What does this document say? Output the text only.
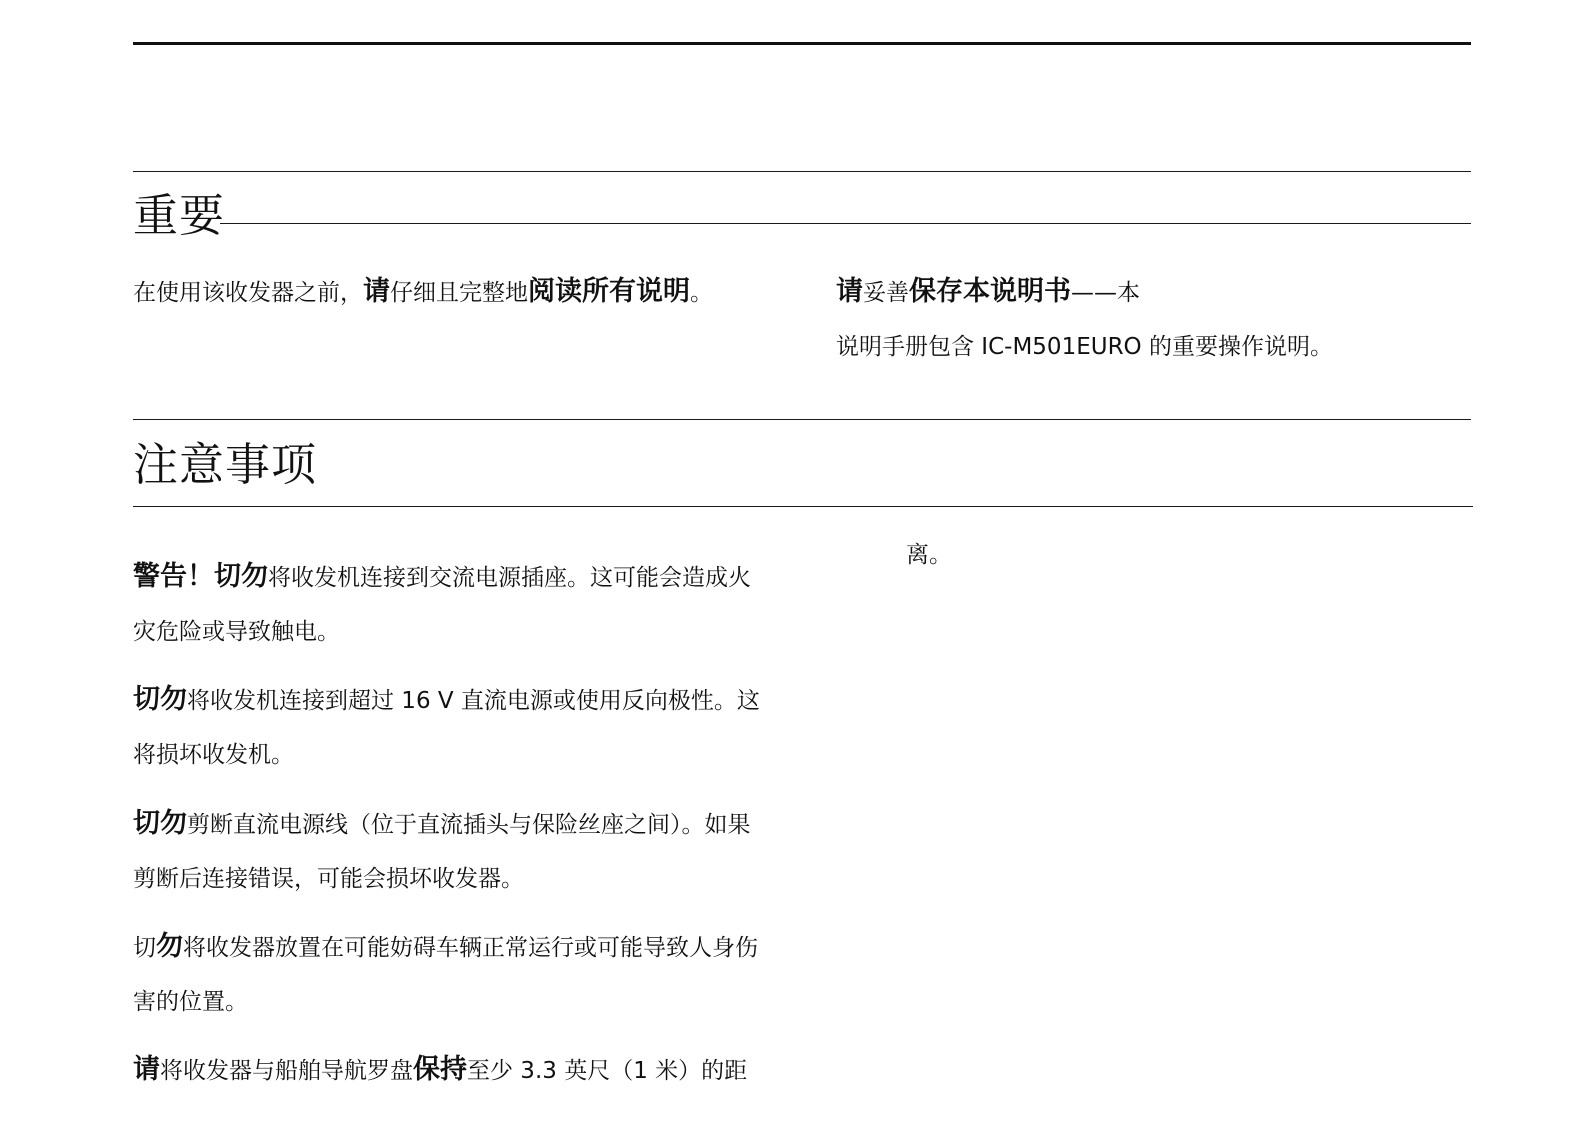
重要

在使用该收发器之前，请仔细且完整地阅读所有说明。	请妥善保存本说明书——本
说明手册包含 IC-M501EURO 的重要操作说明。

注意事项

警告！切勿将收发机连接到交流电源插座。这可能会造成火灾危险或导致触电。

切勿将收发机连接到超过 16 V 直流电源或使用反向极性。这将损坏收发机。

切勿剪断直流电源线（位于直流插头与保险丝座之间）。如果剪断后连接错误，可能会损坏收发器。

切勿将收发器放置在可能妨碍车辆正常运行或可能导致人身伤害的位置。

请将收发器与船舶导航罗盘保持至少 3.3 英尺（1 米）的距

离。
